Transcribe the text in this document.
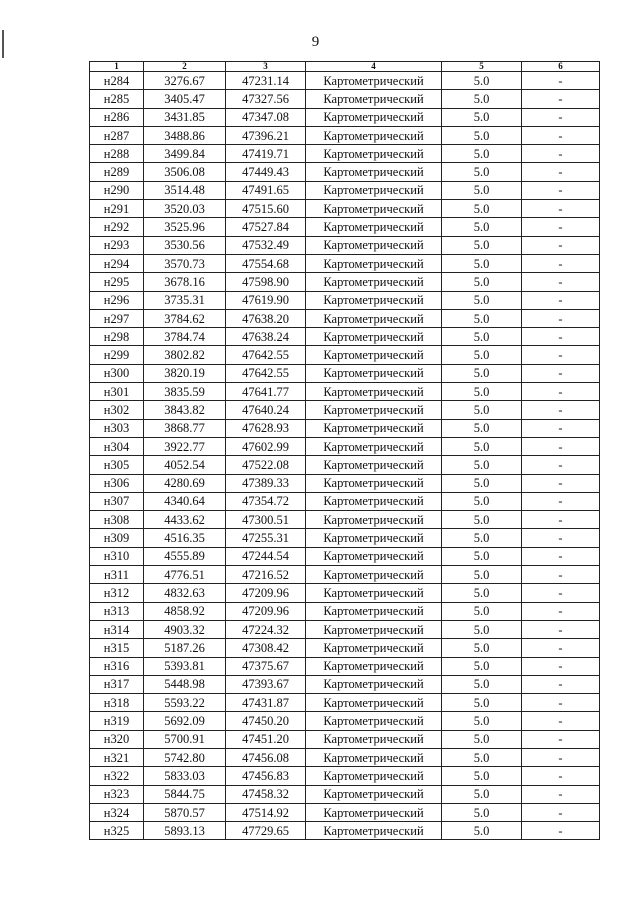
9
1	2	3	4	5	6
н284	3276.67	47231.14	Картометрический	5.0	-
н285	3405.47	47327.56	Картометрический	5.0	-
н286	3431.85	47347.08	Картометрический	5.0	-
н287	3488.86	47396.21	Картометрический	5.0	-
н288	3499.84	47419.71	Картометрический	5.0	-
н289	3506.08	47449.43	Картометрический	5.0	-
н290	3514.48	47491.65	Картометрический	5.0	-
н291	3520.03	47515.60	Картометрический	5.0	-
н292	3525.96	47527.84	Картометрический	5.0	-
н293	3530.56	47532.49	Картометрический	5.0	-
н294	3570.73	47554.68	Картометрический	5.0	-
н295	3678.16	47598.90	Картометрический	5.0	-
н296	3735.31	47619.90	Картометрический	5.0	-
н297	3784.62	47638.20	Картометрический	5.0	-
н298	3784.74	47638.24	Картометрический	5.0	-
н299	3802.82	47642.55	Картометрический	5.0	-
н300	3820.19	47642.55	Картометрический	5.0	-
н301	3835.59	47641.77	Картометрический	5.0	-
н302	3843.82	47640.24	Картометрический	5.0	-
н303	3868.77	47628.93	Картометрический	5.0	-
н304	3922.77	47602.99	Картометрический	5.0	-
н305	4052.54	47522.08	Картометрический	5.0	-
н306	4280.69	47389.33	Картометрический	5.0	-
н307	4340.64	47354.72	Картометрический	5.0	-
н308	4433.62	47300.51	Картометрический	5.0	-
н309	4516.35	47255.31	Картометрический	5.0	-
н310	4555.89	47244.54	Картометрический	5.0	-
н311	4776.51	47216.52	Картометрический	5.0	-
н312	4832.63	47209.96	Картометрический	5.0	-
н313	4858.92	47209.96	Картометрический	5.0	-
н314	4903.32	47224.32	Картометрический	5.0	-
н315	5187.26	47308.42	Картометрический	5.0	-
н316	5393.81	47375.67	Картометрический	5.0	-
н317	5448.98	47393.67	Картометрический	5.0	-
н318	5593.22	47431.87	Картометрический	5.0	-
н319	5692.09	47450.20	Картометрический	5.0	-
н320	5700.91	47451.20	Картометрический	5.0	-
н321	5742.80	47456.08	Картометрический	5.0	-
н322	5833.03	47456.83	Картометрический	5.0	-
н323	5844.75	47458.32	Картометрический	5.0	-
н324	5870.57	47514.92	Картометрический	5.0	-
н325	5893.13	47729.65	Картометрический	5.0	-
